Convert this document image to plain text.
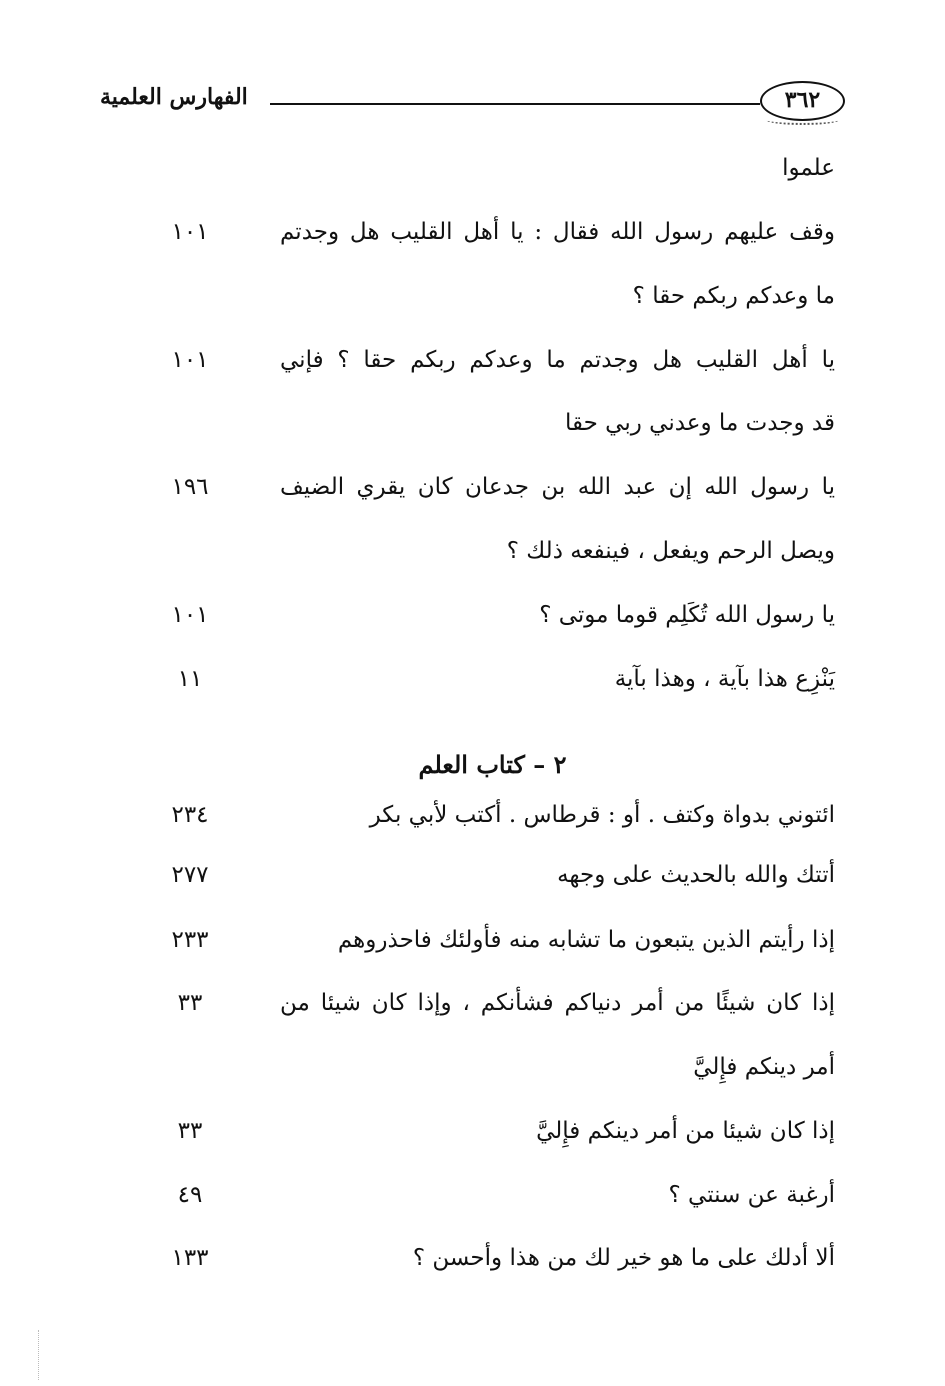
الفهارس العلمية	٣٦٢
علموا
وقف عليهم رسول الله فقال : يا أهل القليب هل وجدتم
١٠١
ما وعدكم ربكم حقا ؟
يا أهل القليب هل وجدتم ما وعدكم ربكم حقا ؟ فإني
١٠١
قد وجدت ما وعدني ربي حقا
يا رسول الله إن عبد الله بن جدعان كان يقري الضيف
١٩٦
ويصل الرحم ويفعل ، فينفعه ذلك ؟
يا رسول الله تُكَلِم قوما موتى ؟
١٠١
يَنْزِع هذا بآية ، وهذا بآية
١١
٢ – كتاب العلم
ائتوني بدواة وكتف . أو : قرطاس . أكتب لأبي بكر
٢٣٤
أتتك والله بالحديث على وجهه
٢٧٧
إذا رأيتم الذين يتبعون ما تشابه منه فأولئك فاحذروهم
٢٣٣
إذا كان شيئًا من أمر دنياكم فشأنكم ، وإذا كان شيئا من
٣٣
أمر دينكم فإِليَّ
إذا كان شيئا من أمر دينكم فإِليَّ
٣٣
أرغبة عن سنتي ؟
٤٩
ألا أدلك على ما هو خير لك من هذا وأحسن ؟
١٣٣
